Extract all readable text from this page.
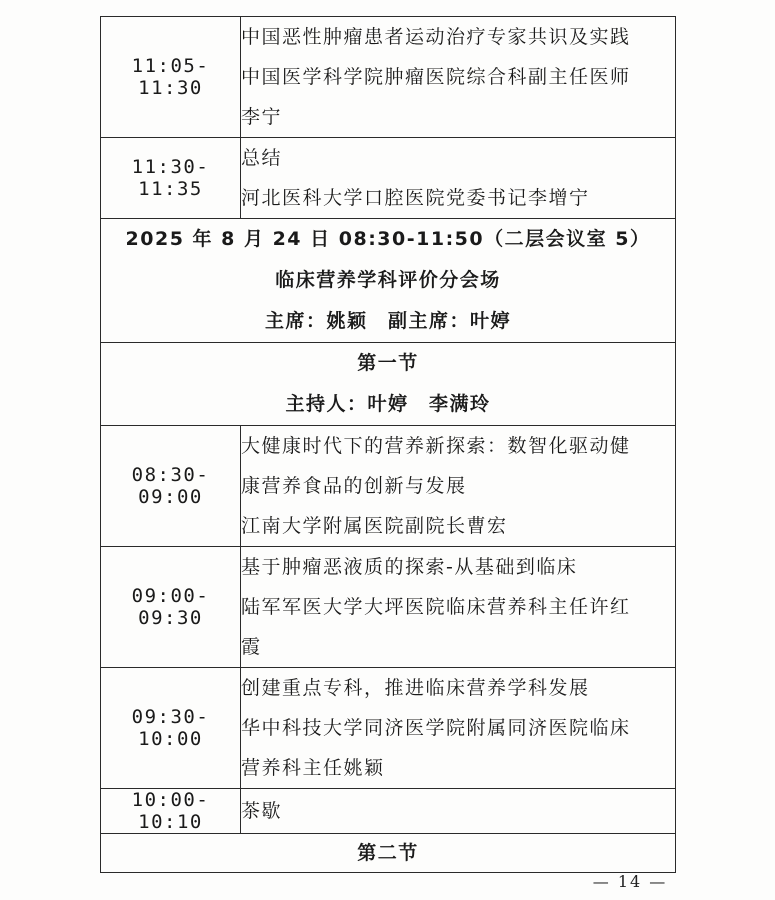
11:05-11:30	中国恶性肿瘤患者运动治疗专家共识及实践
中国医学科学院肿瘤医院综合科副主任医师
李宁

11:30-11:35	总结
河北医科大学口腔医院党委书记李增宁

2025 年 8 月 24 日 08:30-11:50（二层会议室 5）
临床营养学科评价分会场
主席：姚颖　副主席：叶婷	

第一节
主持人：叶婷　李满玲	

08:30-09:00	大健康时代下的营养新探索：数智化驱动健
康营养食品的创新与发展
江南大学附属医院副院长曹宏

09:00-09:30	基于肿瘤恶液质的探索-从基础到临床
陆军军医大学大坪医院临床营养科主任许红
霞

09:30-10:00	创建重点专科，推进临床营养学科发展
华中科技大学同济医学院附属同济医院临床
营养科主任姚颖

10:00-10:10	茶歇

第二节	
— 14 —
